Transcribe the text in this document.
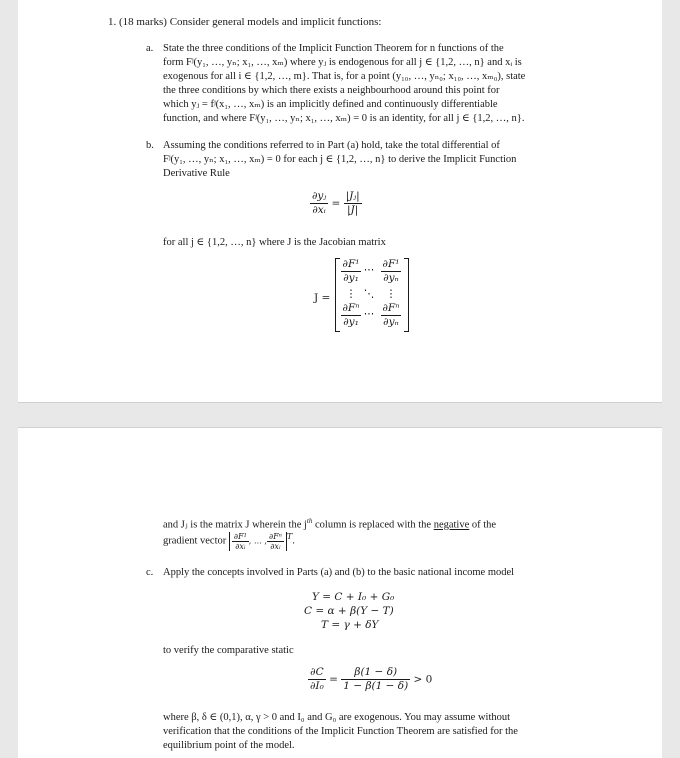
1. (18 marks) Consider general models and implicit functions:
a. State the three conditions of the Implicit Function Theorem for n functions of the
form Fʲ(y₁, …, yₙ; x₁, …, xₘ) where yⱼ is endogenous for all j ∈ {1,2, …, n} and xᵢ is
exogenous for all i ∈ {1,2, …, m}. That is, for a point (y₁₀, …, yₙ₀; x₁₀, …, xₘ₀), state
the three conditions by which there exists a neighbourhood around this point for
which yⱼ = fʲ(x₁, …, xₘ) is an implicitly defined and continuously differentiable
function, and where Fʲ(y₁, …, yₙ; x₁, …, xₘ) = 0 is an identity, for all j ∈ {1,2, …, n}.
b. Assuming the conditions referred to in Part (a) hold, take the total differential of
Fʲ(y₁, …, yₙ; x₁, …, xₘ) = 0 for each j ∈ {1,2, …, n} to derive the Implicit Function
Derivative Rule
$\frac{\text{∂yⱼ}}{\text{∂xᵢ}} = \frac{\text{|Jⱼ|}}{|J|}$
for all j ∈ {1,2, …, n} where J is the Jacobian matrix
J =
$\frac{\text{∂F¹}}{\text{∂y₁}}$ ⋯ $\frac{\text{∂F¹}}{\text{∂yₙ}}$
⋮ ⋱	⋮
$\frac{\text{∂Fⁿ}}{\text{∂y₁}}$ ⋯ $\frac{\text{∂Fⁿ}}{\text{∂yₙ}}$
and Jⱼ is the matrix J wherein the $j^{th}$ column is replaced with the negative of the
gradient vector $\frac{\text{∂F¹}}{\text{∂xᵢ}}$ , … , $\frac{\text{∂Fⁿ}}{\text{∂xᵢ}} ^T$.
c. Apply the concepts involved in Parts (a) and (b) to the basic national income model
Y = C + I₀ + G₀
C = α + β(Y − T)
T = γ + δY
to verify the comparative static
$\frac{\partial C}{\text{∂I₀}} = \frac{\beta(1 - \delta)}{1 - \beta(1 - \delta)} > 0$
where β, δ ∈ (0,1), α, γ > 0 and I₀ and G₀ are exogenous. You may assume without
verification that the conditions of the Implicit Function Theorem are satisfied for the
equilibrium point of the model.
